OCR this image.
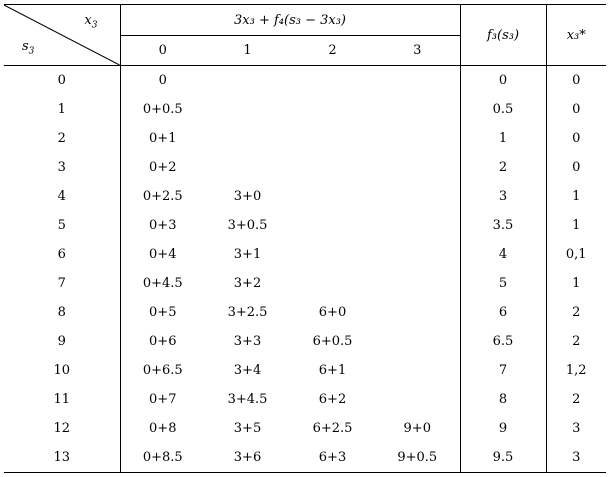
$x_3$
$s_3$	3x₃ + f₄(s₃ − 3x₃)				f₃(s₃)	x₃*
	0	1	2	3		
0	0				0	0
1	0+0.5				0.5	0
2	0+1				1	0
3	0+2				2	0
4	0+2.5	3+0			3	1
5	0+3	3+0.5			3.5	1
6	0+4	3+1			4	0,1
7	0+4.5	3+2			5	1
8	0+5	3+2.5	6+0		6	2
9	0+6	3+3	6+0.5		6.5	2
10	0+6.5	3+4	6+1		7	1,2
11	0+7	3+4.5	6+2		8	2
12	0+8	3+5	6+2.5	9+0	9	3
13	0+8.5	3+6	6+3	9+0.5	9.5	3
